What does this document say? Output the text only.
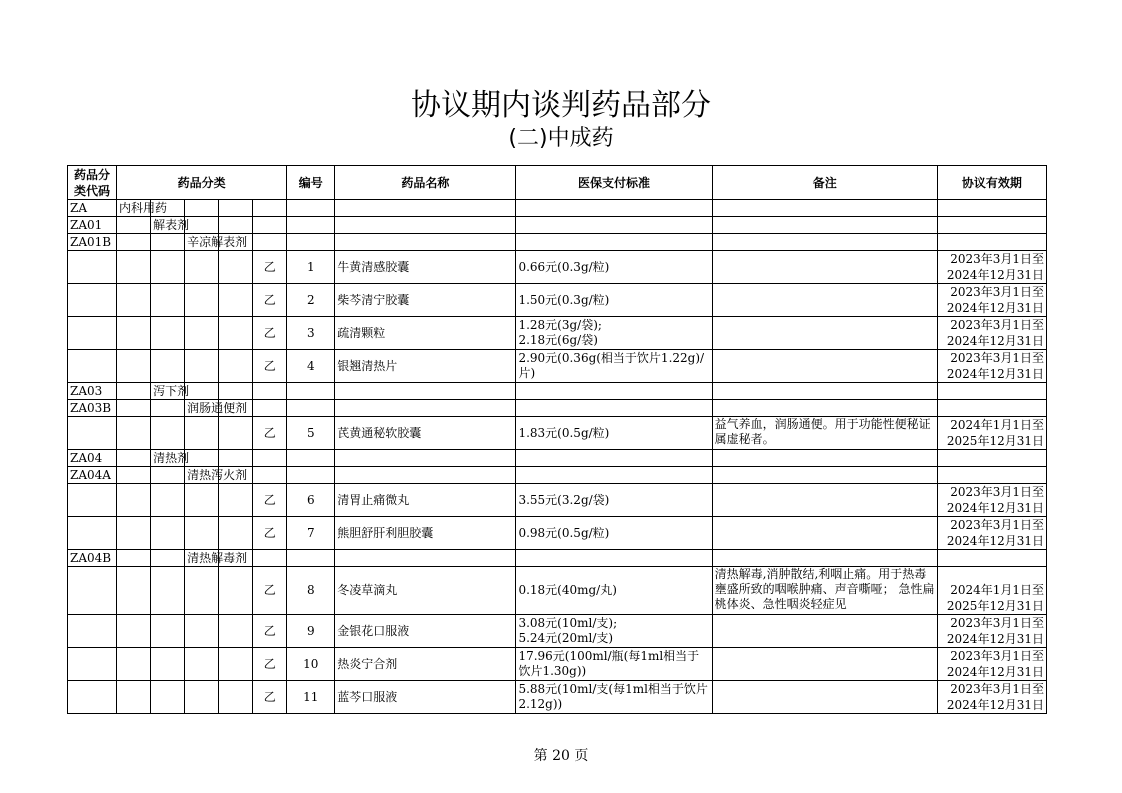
协议期内谈判药品部分
(二)中成药
药品分类代码	药品分类					编号	药品名称	医保支付标准	备注	协议有效期
ZA	内科用药									
ZA01		解表剂								
ZA01B			辛凉解表剂							
					乙	1	牛黄清感胶囊	0.66元(0.3g/粒)		2023年3月1日至
2024年12月31日

					乙	2	柴芩清宁胶囊	1.50元(0.3g/粒)		2023年3月1日至
2024年12月31日

					乙	3	疏清颗粒	1.28元(3g/袋);
2.18元(6g/袋)		2023年3月1日至
2024年12月31日

					乙	4	银翘清热片	2.90元(0.36g(相当于饮片1.22g)/片)		2023年3月1日至
2024年12月31日

ZA03		泻下剂								
ZA03B			润肠通便剂							
					乙	5	芪黄通秘软胶囊	1.83元(0.5g/粒)	益气养血，润肠通便。用于功能性便秘证属虚秘者。	2024年1月1日至
2025年12月31日

ZA04		清热剂								
ZA04A			清热泻火剂							
					乙	6	清胃止痛微丸	3.55元(3.2g/袋)		2023年3月1日至
2024年12月31日

					乙	7	熊胆舒肝利胆胶囊	0.98元(0.5g/粒)		2023年3月1日至
2024年12月31日

ZA04B			清热解毒剂							
					乙	8	冬凌草滴丸	0.18元(40mg/丸)	清热解毒,消肿散结,利咽止痛。用于热毒壅盛所致的咽喉肿痛、声音嘶哑； 急性扁桃体炎、急性咽炎轻症见	2024年1月1日至
2025年12月31日

					乙	9	金银花口服液	3.08元(10ml/支);
5.24元(20ml/支)		2023年3月1日至
2024年12月31日

					乙	10	热炎宁合剂	17.96元(100ml/瓶(每1ml相当于饮片1.30g))		2023年3月1日至
2024年12月31日

					乙	11	蓝芩口服液	5.88元(10ml/支(每1ml相当于饮片2.12g))		2023年3月1日至
2024年12月31日
第 20 页
